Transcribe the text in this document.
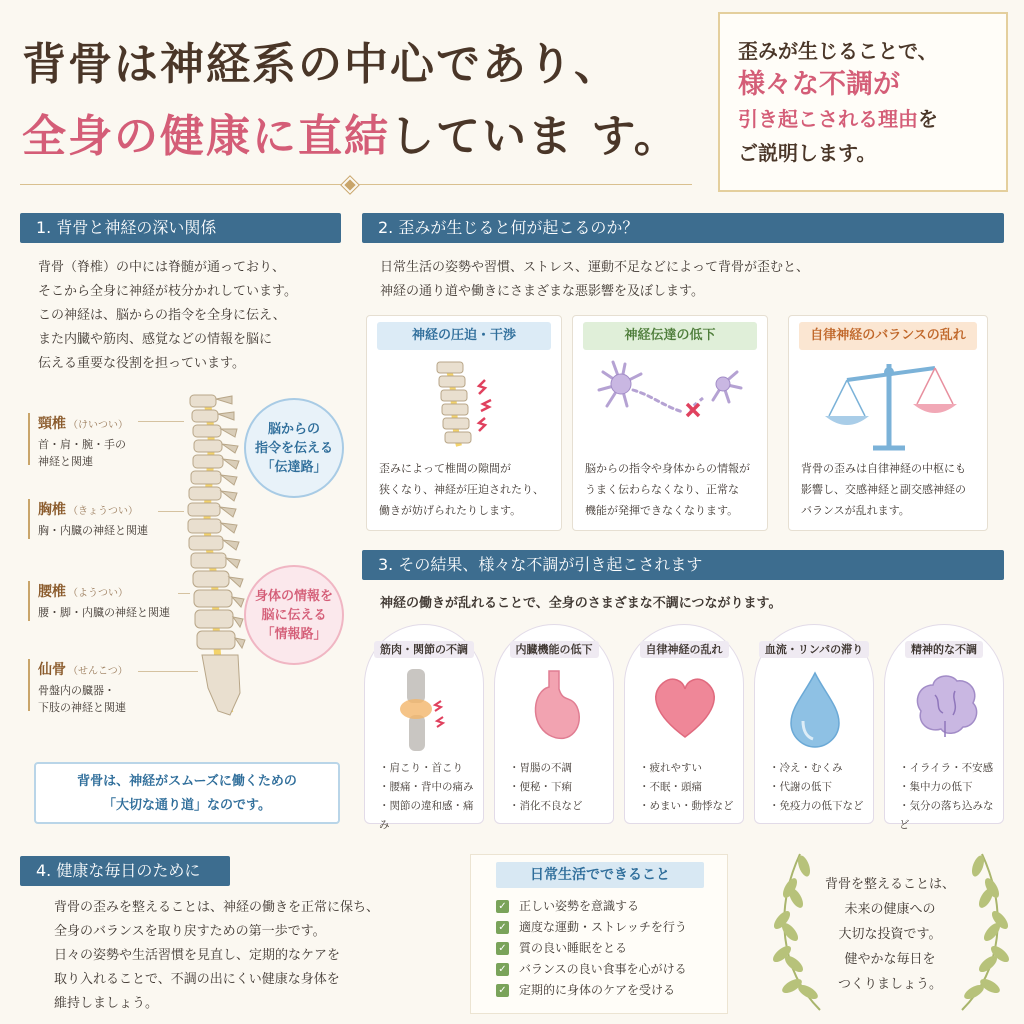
背骨は神経系の中心であり、
全身の健康に直結していま す。
歪みが生じることで、
様々な不調が
引き起こされる理由を
ご説明します。
1. 背骨と神経の深い関係
背骨（脊椎）の中には脊髄が通っており、
そこから全身に神経が枝分かれしています。
この神経は、脳からの指令を全身に伝え、
また内臓や筋肉、感覚などの情報を脳に
伝える重要な役割を担っています。
頸椎 （けいつい）
首・肩・腕・手の
神経と関連
胸椎 （きょうつい）
胸・内臓の神経と関連
腰椎 （ようつい）
腰・脚・内臓の神経と関連
仙骨 （せんこつ）
骨盤内の臓器・
下肢の神経と関連
脳からの
指令を伝える
「伝達路」
身体の情報を
脳に伝える
「情報路」
背骨は、神経がスムーズに働くための
「大切な通り道」なのです。
2. 歪みが生じると何が起こるのか？
日常生活の姿勢や習慣、ストレス、運動不足などによって背骨が歪むと、
神経の通り道や働きにさまざまな悪影響を及ぼします。
神経の圧迫・干渉
歪みによって椎間の隙間が
狭くなり、神経が圧迫されたり、
働きが妨げられたりします。
神経伝達の低下
脳からの指令や身体からの情報が
うまく伝わらなくなり、正常な
機能が発揮できなくなります。
自律神経のバランスの乱れ
背骨の歪みは自律神経の中枢にも
影響し、交感神経と副交感神経の
バランスが乱れます。
3. その結果、様々な不調が引き起こされます
神経の働きが乱れることで、全身のさまざまな不調につながります。
筋肉・関節の不調
・ 肩こり・首こり
・ 腰痛・背中の痛み
・ 関節の違和感・痛み
内臓機能の低下
・ 胃腸の不調
・ 便秘・下痢
・ 消化不良など
自律神経の乱れ
・ 疲れやすい
・ 不眠・頭痛
・ めまい・動悸など
血流・リンパの滞り
・ 冷え・むくみ
・ 代謝の低下
・ 免疫力の低下など
精神的な不調
・ イライラ・不安感
・ 集中力の低下
・ 気分の落ち込みなど
4. 健康な毎日のために
背骨の歪みを整えることは、神経の働きを正常に保ち、
全身のバランスを取り戻すための第一歩です。
日々の姿勢や生活習慣を見直し、定期的なケアを
取り入れることで、不調の出にくい健康な身体を
維持しましょう。
日常生活でできること
✓ 正しい姿勢を意識する
✓ 適度な運動・ストレッチを行う
✓ 質の良い睡眠をとる
✓ バランスの良い食事を心がける
✓ 定期的に身体のケアを受ける
背骨を整えることは、
未来の健康への
大切な投資です。
健やかな毎日を
つくりましょう。
